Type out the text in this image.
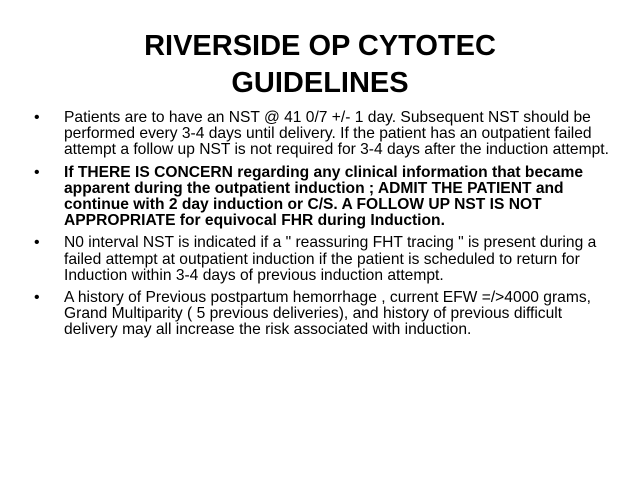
RIVERSIDE OP CYTOTEC
GUIDELINES
• Patients are to have an NST @ 41 0/7 +/- 1 day. Subsequent NST should be performed every 3-4 days until delivery. If the patient has an outpatient failed attempt a follow up NST is not required for 3-4 days after the induction attempt.
• If THERE IS CONCERN regarding any clinical information that became apparent during the outpatient induction ; ADMIT THE PATIENT and continue with 2 day induction or C/S. A FOLLOW UP NST IS NOT APPROPRIATE for equivocal FHR during Induction.
• N0 interval NST is indicated if a " reassuring FHT tracing " is present during a failed attempt at outpatient induction if the patient is scheduled to return for Induction within 3-4 days of previous induction attempt.
• A history of Previous postpartum hemorrhage , current EFW =/>4000 grams, Grand Multiparity ( 5 previous deliveries), and history of previous difficult delivery may all increase the risk associated with induction.
